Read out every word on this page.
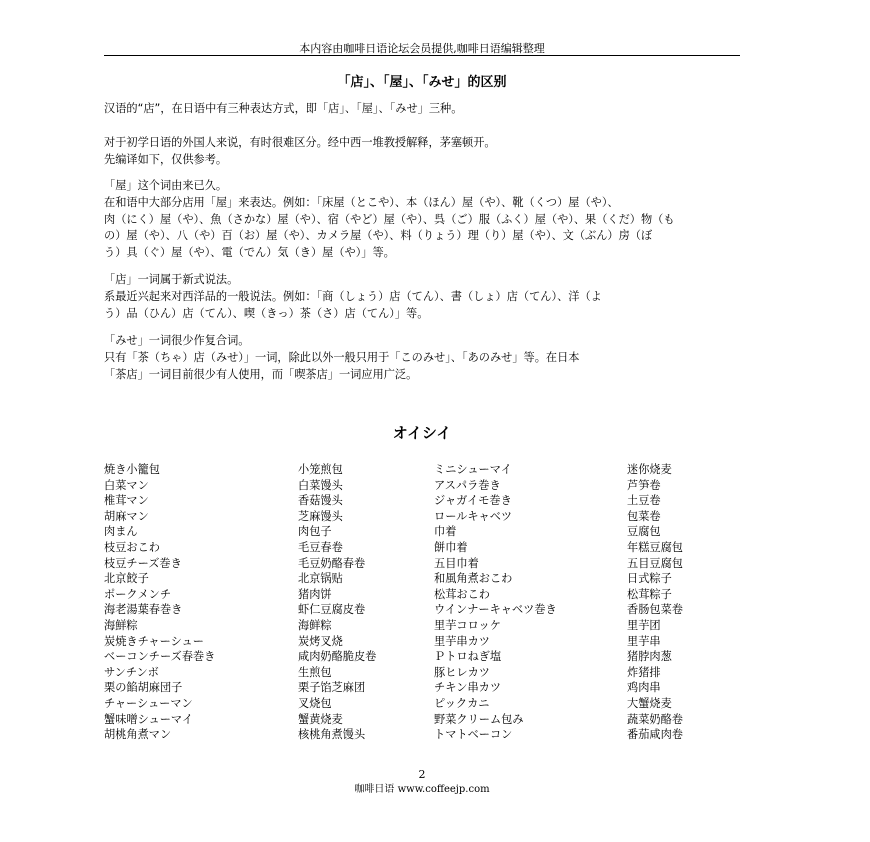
本内容由咖啡日语论坛会员提供,咖啡日语编辑整理
「店」、「屋」、「みせ」的区别
汉语的“店”，在日语中有三种表达方式，即「店」、「屋」、「みせ」三种。
对于初学日语的外国人来说，有时很难区分。经中西一堆教授解释，茅塞顿开。
先编译如下，仅供参考。
「屋」这个词由来已久。
在和语中大部分店用「屋」来表达。例如：「床屋（とこや）、本（ほん）屋（や）、靴（くつ）屋（や）、
肉（にく）屋（や）、魚（さかな）屋（や）、宿（やど）屋（や）、呉（ご）服（ふく）屋（や）、果（くだ）物（も
の）屋（や）、八（や）百（お）屋（や）、カメラ屋（や）、料（りょう）理（り）屋（や）、文（ぶん）房（ぼ
う）具（ぐ）屋（や）、電（でん）気（き）屋（や）」等。
「店」一词属于新式说法。
系最近兴起来对西洋品的一般说法。例如：「商（しょう）店（てん）、書（しょ）店（てん）、洋（よ
う）品（ひん）店（てん）、喫（きっ）茶（さ）店（てん）」等。
「みせ」一词很少作复合词。
只有「茶（ちゃ）店（みせ）」一词，除此以外一般只用于「このみせ」、「あのみせ」等。在日本
「茶店」一词目前很少有人使用，而「喫茶店」一词应用广泛。
オイシイ
焼き小籠包	小笼煎包	ミニシューマイ	迷你烧麦
白菜マン	白菜馒头	アスパラ巻き	芦笋卷
椎茸マン	香菇馒头	ジャガイモ巻き	土豆卷
胡麻マン	芝麻馒头	ロールキャベツ	包菜卷
肉まん	肉包子	巾着	豆腐包
枝豆おこわ	毛豆春卷	餅巾着	年糕豆腐包
枝豆チーズ巻き	毛豆奶酪春卷	五目巾着	五目豆腐包
北京餃子	北京锅贴	和風角煮おこわ	日式粽子
ポークメンチ	猪肉饼	松茸おこわ	松茸粽子
海老湯葉春巻き	虾仁豆腐皮卷	ウインナーキャベツ巻き	香肠包菜卷
海鮮粽	海鲜粽	里芋コロッケ	里芋团
炭焼きチャーシュー	炭烤叉烧	里芋串カツ	里芋串
ベーコンチーズ春巻き	咸肉奶酪脆皮卷	Ｐトロねぎ塩	猪脖肉葱
サンチンボ	生煎包	豚ヒレカツ	炸猪排
栗の餡胡麻団子	栗子馅芝麻团	チキン串カツ	鸡肉串
チャーシューマン	叉烧包	ピックカニ	大蟹烧麦
蟹味噌シューマイ	蟹黄烧麦	野菜クリーム包み	蔬菜奶酪卷
胡桃角煮マン	核桃角煮馒头	トマトベーコン	番茄咸肉卷
2
咖啡日语 www.coffeejp.com
